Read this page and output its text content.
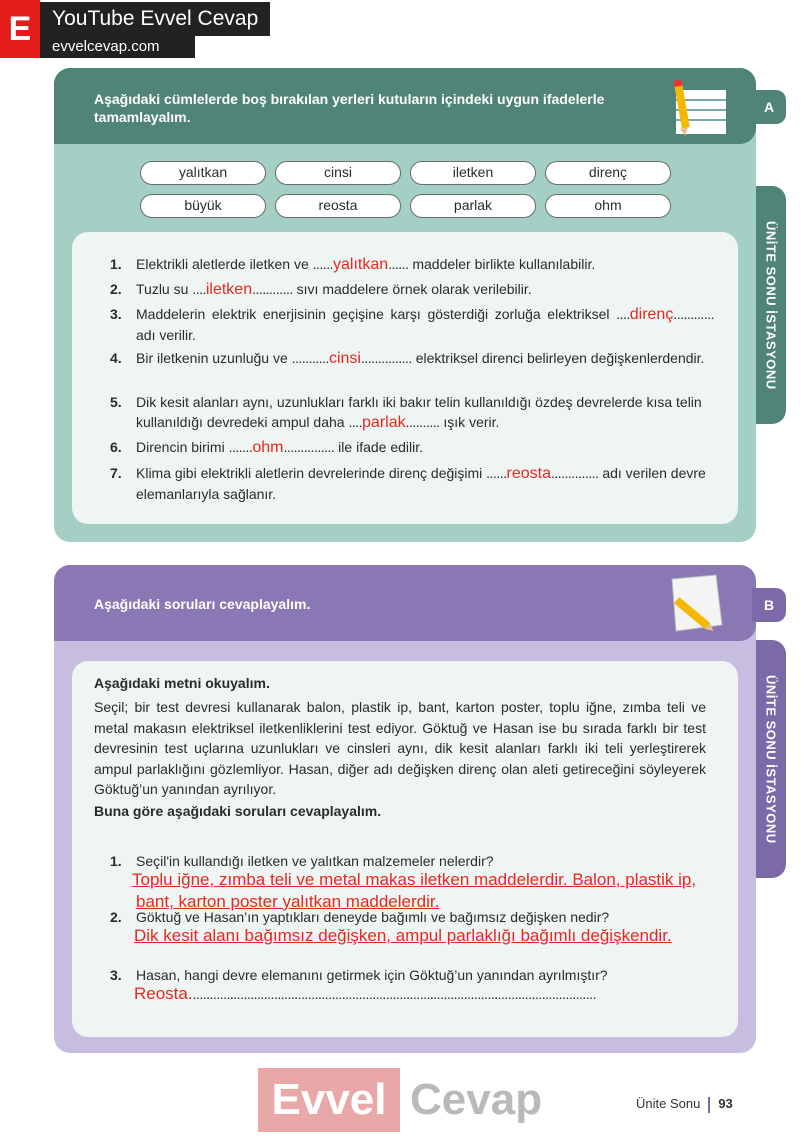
E YouTube Evvel Cevap
evvelcevap.com
Aşağıdaki cümlelerde boş bırakılan yerleri kutuların içindeki uygun ifadelerle tamamlayalım.
yalıtkan	cinsi	iletken	direnç
büyük	reosta	parlak	ohm
1. Elektrikli aletlerde iletken ve ......yalıtkan...... maddeler birlikte kullanılabilir.
2. Tuzlu su ....iletken............ sıvı maddelere örnek olarak verilebilir.
3. Maddelerin elektrik enerjisinin geçişine karşı gösterdiği zorluğa elektriksel ....direnç............ adı verilir.
4. Bir iletkenin uzunluğu ve ...........cinsi............... elektriksel direnci belirleyen değişkenlerdendir.
5. Dik kesit alanları aynı, uzunlukları farklı iki bakır telin kullanıldığı özdeş devrelerde kısa telin kullanıldığı devredeki ampul daha ....parlak.......... ışık verir.
6. Direncin birimi .......ohm............... ile ifade edilir.
7. Klima gibi elektrikli aletlerin devrelerinde direnç değişimi ......reosta.............. adı verilen devre elemanlarıyla sağlanır.
A
ÜNİTE SONU İSTASYONU
Aşağıdaki soruları cevaplayalım.
Aşağıdaki metni okuyalım.
Seçil; bir test devresi kullanarak balon, plastik ip, bant, karton poster, toplu iğne, zımba teli ve metal makasın elektriksel iletkenliklerini test ediyor. Göktuğ ve Hasan ise bu sırada farklı bir test devresinin test uçlarına uzunlukları ve cinsleri aynı, dik kesit alanları farklı iki teli yerleştirerek ampul parlaklığını gözlemliyor. Hasan, diğer adı değişken direnç olan aleti getireceğini söyleyerek Göktuğ’un yanından ayrılıyor.
Buna göre aşağıdaki soruları cevaplayalım.
1. Seçil'in kullandığı iletken ve yalıtkan malzemeler nelerdir?
Toplu iğne, zımba teli ve metal makas iletken maddelerdir. Balon, plastik ip,
bant, karton poster yalıtkan maddelerdir.
2. Göktuğ ve Hasan’ın yaptıkları deneyde bağımlı ve bağımsız değişken nedir?
Dik kesit alanı bağımsız değişken, ampul parlaklığı bağımlı değişkendir.
3. Hasan, hangi devre elemanını getirmek için Göktuğ’un yanından ayrılmıştır?
Reosta........................................................................................................................
B
ÜNİTE SONU İSTASYONU
Evvel Cevap	Ünite Sonu 93
